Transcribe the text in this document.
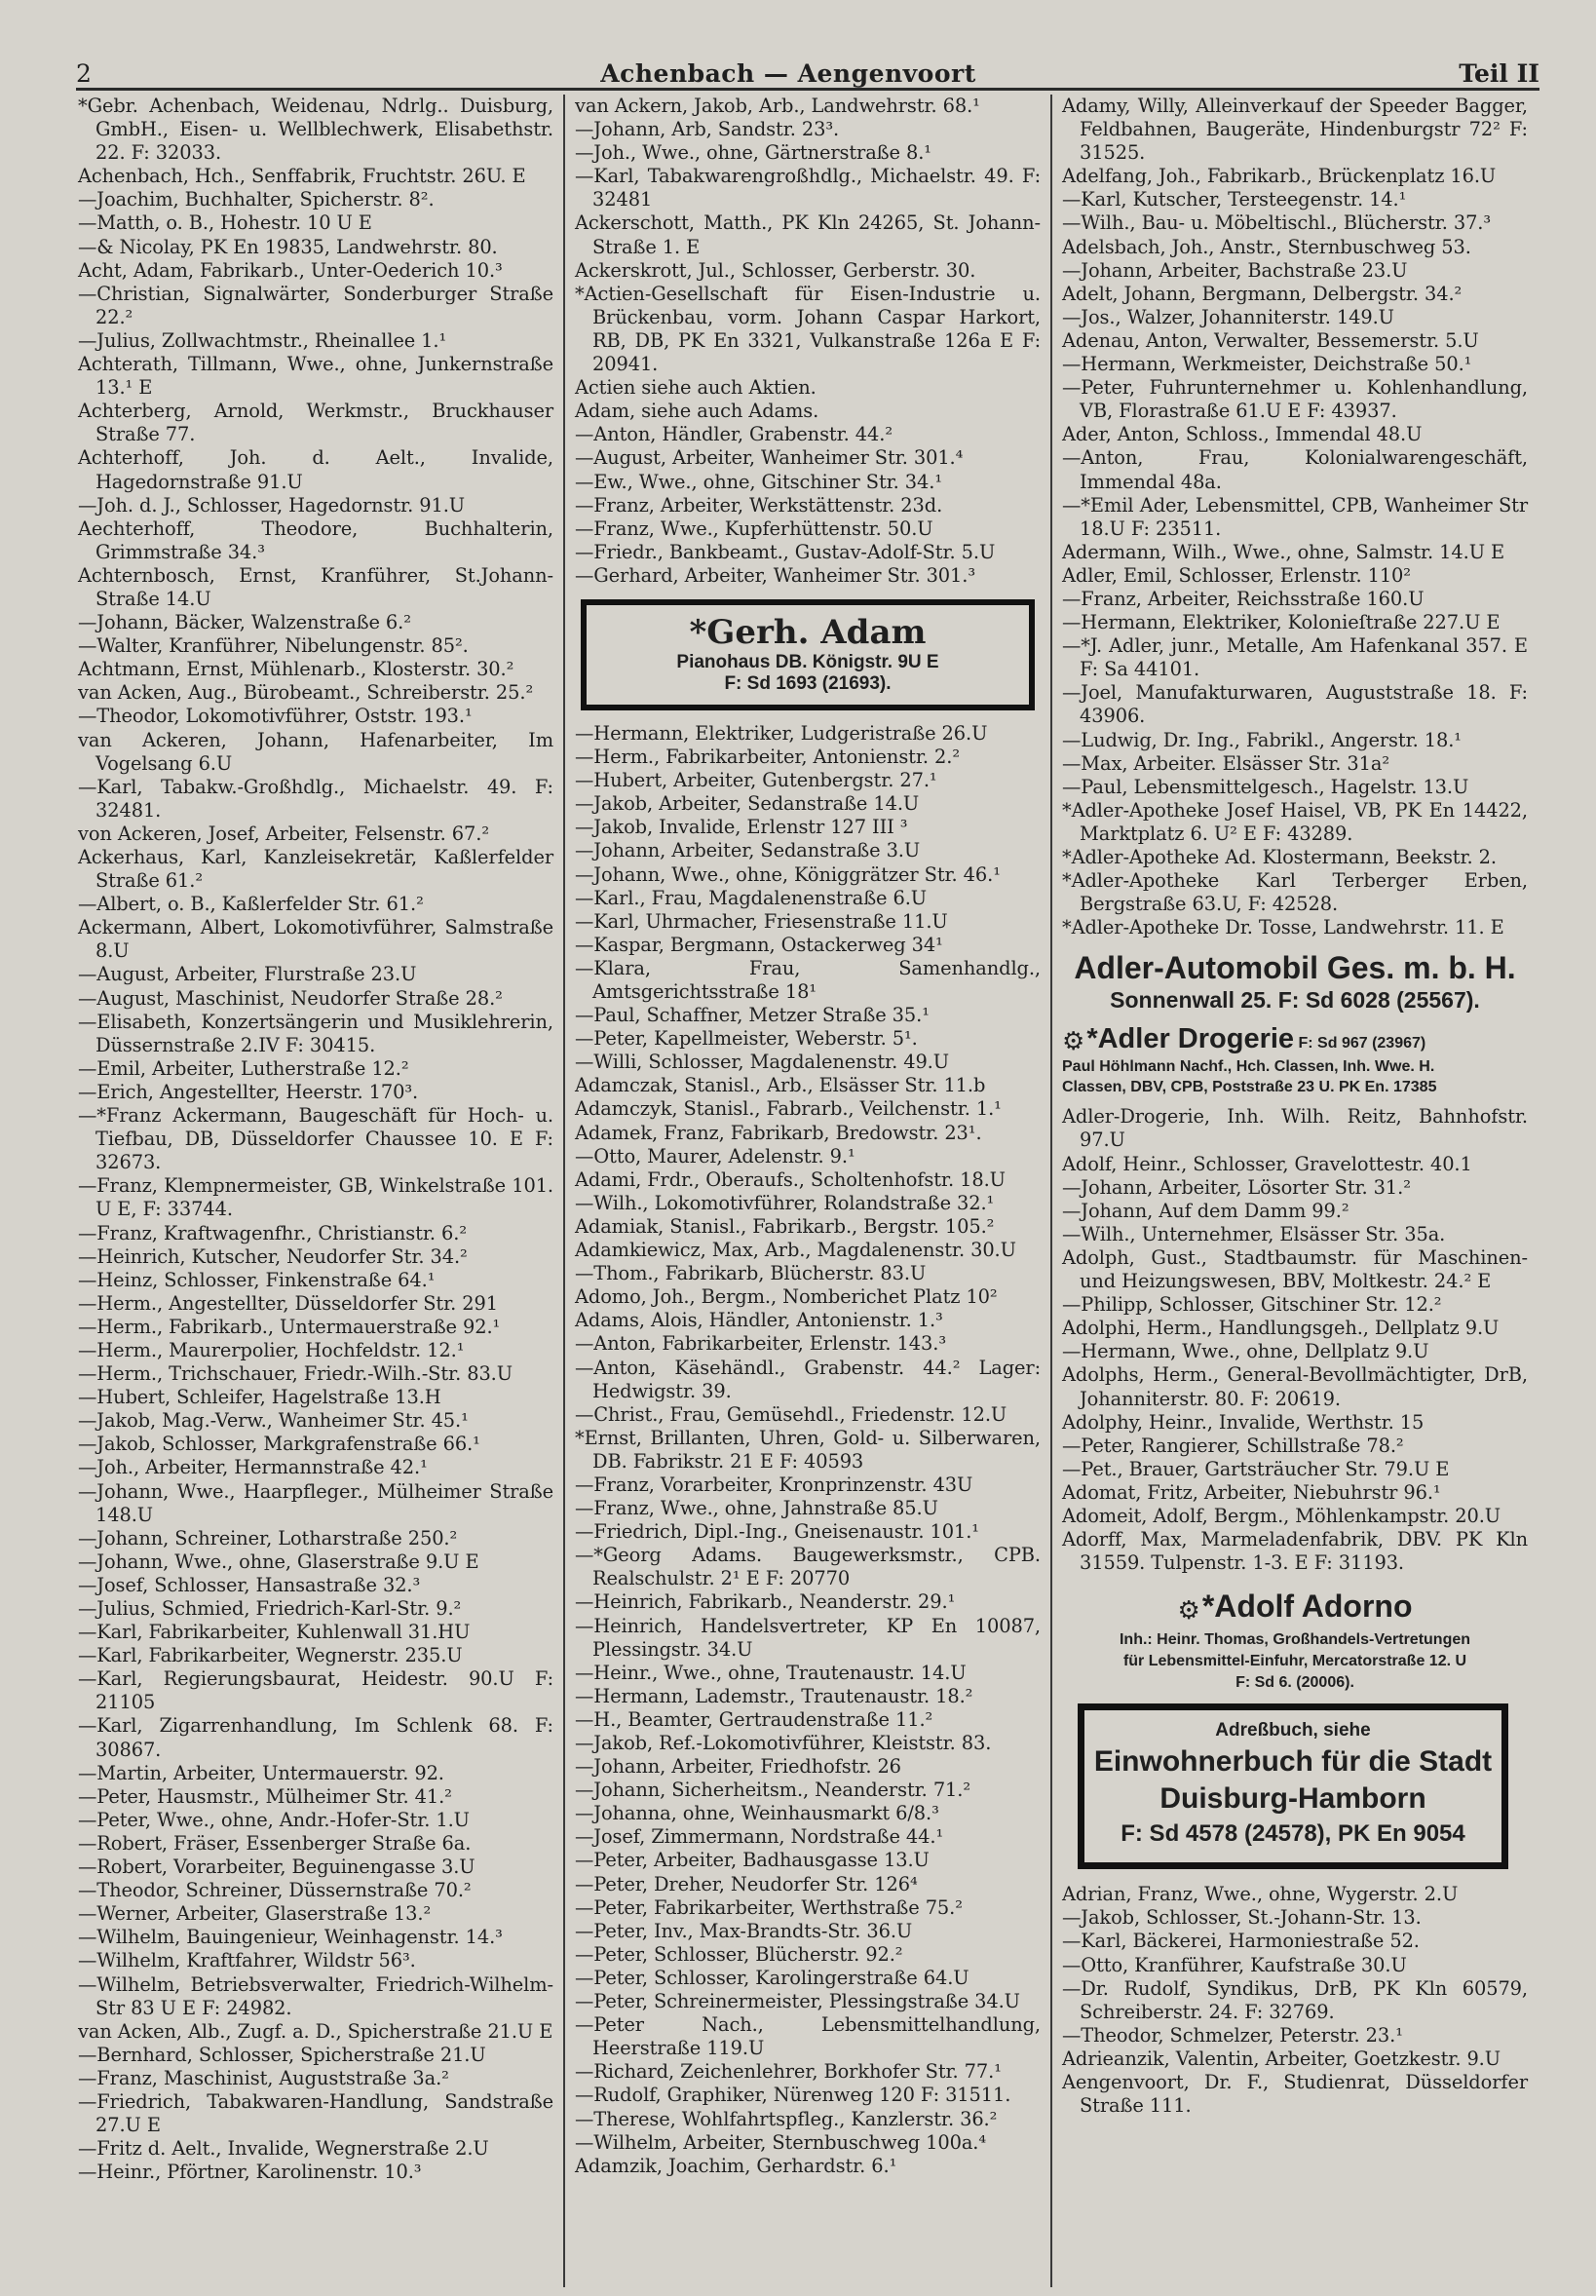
2	Achenbach — Aengenvoort	Teil II
*Gebr. Achenbach, Weidenau, Ndrlg.. Duisburg, GmbH., Eisen- u. Wellblechwerk, Elisabethstr. 22. F: 32033.
Achenbach, Hch., Senffabrik, Fruchtstr. 26U. E
—Joachim, Buchhalter, Spicherstr. 8².
—Matth, o. B., Hohestr. 10 U E
—& Nicolay, PK En 19835, Landwehrstr. 80.
Acht, Adam, Fabrikarb., Unter-Oederich 10.³
—Christian, Signalwärter, Sonderburger Straße 22.²
—Julius, Zollwachtmstr., Rheinallee 1.¹
Achterath, Tillmann, Wwe., ohne, Junkernstraße 13.¹ E
Achterberg, Arnold, Werkmstr., Bruckhauser Straße 77.
Achterhoff, Joh. d. Aelt., Invalide, Hagedornstraße 91.U
—Joh. d. J., Schlosser, Hagedornstr. 91.U
Aechterhoff, Theodore, Buchhalterin, Grimmstraße 34.³
Achternbosch, Ernst, Kranführer, St.Johann-Straße 14.U
—Johann, Bäcker, Walzenstraße 6.²
—Walter, Kranführer, Nibelungenstr. 85².
Achtmann, Ernst, Mühlenarb., Klosterstr. 30.²
van Acken, Aug., Bürobeamt., Schreiberstr. 25.²
—Theodor, Lokomotivführer, Oststr. 193.¹
van Ackeren, Johann, Hafenarbeiter, Im Vogelsang 6.U
—Karl, Tabakw.-Großhdlg., Michaelstr. 49. F: 32481.
von Ackeren, Josef, Arbeiter, Felsenstr. 67.²
Ackerhaus, Karl, Kanzleisekretär, Kaßlerfelder Straße 61.²
—Albert, o. B., Kaßlerfelder Str. 61.²
Ackermann, Albert, Lokomotivführer, Salmstraße 8.U
—August, Arbeiter, Flurstraße 23.U
—August, Maschinist, Neudorfer Straße 28.²
—Elisabeth, Konzertsängerin und Musiklehrerin, Düssernstraße 2.IV F: 30415.
—Emil, Arbeiter, Lutherstraße 12.²
—Erich, Angestellter, Heerstr. 170³.
—*Franz Ackermann, Baugeschäft für Hoch- u. Tiefbau, DB, Düsseldorfer Chaussee 10. E F: 32673.
—Franz, Klempnermeister, GB, Winkelstraße 101. U E, F: 33744.
—Franz, Kraftwagenfhr., Christianstr. 6.²
—Heinrich, Kutscher, Neudorfer Str. 34.²
—Heinz, Schlosser, Finkenstraße 64.¹
—Herm., Angestellter, Düsseldorfer Str. 291
—Herm., Fabrikarb., Untermauerstraße 92.¹
—Herm., Maurerpolier, Hochfeldstr. 12.¹
—Herm., Trichschauer, Friedr.-Wilh.-Str. 83.U
—Hubert, Schleifer, Hagelstraße 13.H
—Jakob, Mag.-Verw., Wanheimer Str. 45.¹
—Jakob, Schlosser, Markgrafenstraße 66.¹
—Joh., Arbeiter, Hermannstraße 42.¹
—Johann, Wwe., Haarpfleger., Mülheimer Straße 148.U
—Johann, Schreiner, Lotharstraße 250.²
—Johann, Wwe., ohne, Glaserstraße 9.U E
—Josef, Schlosser, Hansastraße 32.³
—Julius, Schmied, Friedrich-Karl-Str. 9.²
—Karl, Fabrikarbeiter, Kuhlenwall 31.HU
—Karl, Fabrikarbeiter, Wegnerstr. 235.U
—Karl, Regierungsbaurat, Heidestr. 90.U F: 21105
—Karl, Zigarrenhandlung, Im Schlenk 68. F: 30867.
—Martin, Arbeiter, Untermauerstr. 92.
—Peter, Hausmstr., Mülheimer Str. 41.²
—Peter, Wwe., ohne, Andr.-Hofer-Str. 1.U
—Robert, Fräser, Essenberger Straße 6a.
—Robert, Vorarbeiter, Beguinengasse 3.U
—Theodor, Schreiner, Düssernstraße 70.²
—Werner, Arbeiter, Glaserstraße 13.²
—Wilhelm, Bauingenieur, Weinhagenstr. 14.³
—Wilhelm, Kraftfahrer, Wildstr 56³.
—Wilhelm, Betriebsverwalter, Friedrich-Wilhelm-Str 83 U E F: 24982.
van Acken, Alb., Zugf. a. D., Spicherstraße 21.U E
—Bernhard, Schlosser, Spicherstraße 21.U
—Franz, Maschinist, Auguststraße 3a.²
—Friedrich, Tabakwaren-Handlung, Sandstraße 27.U E
—Fritz d. Aelt., Invalide, Wegnerstraße 2.U
—Heinr., Pförtner, Karolinenstr. 10.³
van Ackern, Jakob, Arb., Landwehrstr. 68.¹
—Johann, Arb, Sandstr. 23³.
—Joh., Wwe., ohne, Gärtnerstraße 8.¹
—Karl, Tabakwarengroßhdlg., Michaelstr. 49. F: 32481
Ackerschott, Matth., PK Kln 24265, St. Johann-Straße 1. E
Ackerskrott, Jul., Schlosser, Gerberstr. 30.
*Actien-Gesellschaft für Eisen-Industrie u. Brückenbau, vorm. Johann Caspar Harkort, RB, DB, PK En 3321, Vulkanstraße 126a E F: 20941.
Actien siehe auch Aktien.
Adam, siehe auch Adams.
—Anton, Händler, Grabenstr. 44.²
—August, Arbeiter, Wanheimer Str. 301.⁴
—Ew., Wwe., ohne, Gitschiner Str. 34.¹
—Franz, Arbeiter, Werkstättenstr. 23d.
—Franz, Wwe., Kupferhüttenstr. 50.U
—Friedr., Bankbeamt., Gustav-Adolf-Str. 5.U
—Gerhard, Arbeiter, Wanheimer Str. 301.³
*Gerh. Adam
Pianohaus DB. Königstr. 9U E
F: Sd 1693 (21693).
—Hermann, Elektriker, Ludgeristraße 26.U
—Herm., Fabrikarbeiter, Antonienstr. 2.²
—Hubert, Arbeiter, Gutenbergstr. 27.¹
—Jakob, Arbeiter, Sedanstraße 14.U
—Jakob, Invalide, Erlenstr 127 III ³
—Johann, Arbeiter, Sedanstraße 3.U
—Johann, Wwe., ohne, Königgrätzer Str. 46.¹
—Karl., Frau, Magdalenenstraße 6.U
—Karl, Uhrmacher, Friesenstraße 11.U
—Kaspar, Bergmann, Ostackerweg 34¹
—Klara, Frau, Samenhandlg., Amtsgerichtsstraße 18¹
—Paul, Schaffner, Metzer Straße 35.¹
—Peter, Kapellmeister, Weberstr. 5¹.
—Willi, Schlosser, Magdalenenstr. 49.U
Adamczak, Stanisl., Arb., Elsässer Str. 11.b
Adamczyk, Stanisl., Fabrarb., Veilchenstr. 1.¹
Adamek, Franz, Fabrikarb, Bredowstr. 23¹.
—Otto, Maurer, Adelenstr. 9.¹
Adami, Frdr., Oberaufs., Scholtenhofstr. 18.U
—Wilh., Lokomotivführer, Rolandstraße 32.¹
Adamiak, Stanisl., Fabrikarb., Bergstr. 105.²
Adamkiewicz, Max, Arb., Magdalenenstr. 30.U
—Thom., Fabrikarb, Blücherstr. 83.U
Adomo, Joh., Bergm., Nomberichet Platz 10²
Adams, Alois, Händler, Antonienstr. 1.³
—Anton, Fabrikarbeiter, Erlenstr. 143.³
—Anton, Käsehändl., Grabenstr. 44.² Lager: Hedwigstr. 39.
—Christ., Frau, Gemüsehdl., Friedenstr. 12.U
*Ernst, Brillanten, Uhren, Gold- u. Silberwaren, DB. Fabrikstr. 21 E F: 40593
—Franz, Vorarbeiter, Kronprinzenstr. 43U
—Franz, Wwe., ohne, Jahnstraße 85.U
—Friedrich, Dipl.-Ing., Gneisenaustr. 101.¹
—*Georg Adams. Baugewerksmstr., CPB. Realschulstr. 2¹ E F: 20770
—Heinrich, Fabrikarb., Neanderstr. 29.¹
—Heinrich, Handelsvertreter, KP En 10087, Plessingstr. 34.U
—Heinr., Wwe., ohne, Trautenaustr. 14.U
—Hermann, Lademstr., Trautenaustr. 18.²
—H., Beamter, Gertraudenstraße 11.²
—Jakob, Ref.-Lokomotivführer, Kleiststr. 83.
—Johann, Arbeiter, Friedhofstr. 26
—Johann, Sicherheitsm., Neanderstr. 71.²
—Johanna, ohne, Weinhausmarkt 6/8.³
—Josef, Zimmermann, Nordstraße 44.¹
—Peter, Arbeiter, Badhausgasse 13.U
—Peter, Dreher, Neudorfer Str. 126⁴
—Peter, Fabrikarbeiter, Werthstraße 75.²
—Peter, Inv., Max-Brandts-Str. 36.U
—Peter, Schlosser, Blücherstr. 92.²
—Peter, Schlosser, Karolingerstraße 64.U
—Peter, Schreinermeister, Plessingstraße 34.U
—Peter Nach., Lebensmittelhandlung, Heerstraße 119.U
—Richard, Zeichenlehrer, Borkhofer Str. 77.¹
—Rudolf, Graphiker, Nürenweg 120 F: 31511.
—Therese, Wohlfahrtspfleg., Kanzlerstr. 36.²
—Wilhelm, Arbeiter, Sternbuschweg 100a.⁴
Adamzik, Joachim, Gerhardstr. 6.¹
Adamy, Willy, Alleinverkauf der Speeder Bagger, Feldbahnen, Baugeräte, Hindenburgstr 72² F: 31525.
Adelfang, Joh., Fabrikarb., Brückenplatz 16.U
—Karl, Kutscher, Tersteegenstr. 14.¹
—Wilh., Bau- u. Möbeltischl., Blücherstr. 37.³
Adelsbach, Joh., Anstr., Sternbuschweg 53.
—Johann, Arbeiter, Bachstraße 23.U
Adelt, Johann, Bergmann, Delbergstr. 34.²
—Jos., Walzer, Johanniterstr. 149.U
Adenau, Anton, Verwalter, Bessemerstr. 5.U
—Hermann, Werkmeister, Deichstraße 50.¹
—Peter, Fuhrunternehmer u. Kohlenhandlung, VB, Florastraße 61.U E F: 43937.
Ader, Anton, Schloss., Immendal 48.U
—Anton, Frau, Kolonialwarengeschäft, Immendal 48a.
—*Emil Ader, Lebensmittel, CPB, Wanheimer Str 18.U F: 23511.
Adermann, Wilh., Wwe., ohne, Salmstr. 14.U E
Adler, Emil, Schlosser, Erlenstr. 110²
—Franz, Arbeiter, Reichsstraße 160.U
—Hermann, Elektriker, Kolonieſtraße 227.U E
—*J. Adler, junr., Metalle, Am Hafenkanal 357. E F: Sa 44101.
—Joel, Manufakturwaren, Auguststraße 18. F: 43906.
—Ludwig, Dr. Ing., Fabrikl., Angerstr. 18.¹
—Max, Arbeiter. Elsässer Str. 31a²
—Paul, Lebensmittelgesch., Hagelstr. 13.U
*Adler-Apotheke Josef Haisel, VB, PK En 14422, Marktplatz 6. U² E F: 43289.
*Adler-Apotheke Ad. Klostermann, Beekstr. 2.
*Adler-Apotheke Karl Terberger Erben, Bergstraße 63.U, F: 42528.
*Adler-Apotheke Dr. Tosse, Landwehrstr. 11. E
Adler-Automobil Ges. m. b. H.
Sonnenwall 25. F: Sd 6028 (25567).
⚙*Adler Drogerie F: Sd 967 (23967)
Paul Höhlmann Nachf., Hch. Classen, Inh. Wwe. H.
Classen, DBV, CPB, Poststraße 23 U. PK En. 17385
Adler-Drogerie, Inh. Wilh. Reitz, Bahnhofstr. 97.U
Adolf, Heinr., Schlosser, Gravelottestr. 40.1
—Johann, Arbeiter, Lösorter Str. 31.²
—Johann, Auf dem Damm 99.²
—Wilh., Unternehmer, Elsässer Str. 35a.
Adolph, Gust., Stadtbaumstr. für Maschinen- und Heizungswesen, BBV, Moltkestr. 24.² E
—Philipp, Schlosser, Gitschiner Str. 12.²
Adolphi, Herm., Handlungsgeh., Dellplatz 9.U
—Hermann, Wwe., ohne, Dellplatz 9.U
Adolphs, Herm., General-Bevollmächtigter, DrB, Johanniterstr. 80. F: 20619.
Adolphy, Heinr., Invalide, Werthstr. 15
—Peter, Rangierer, Schillstraße 78.²
—Pet., Brauer, Gartsträucher Str. 79.U E
Adomat, Fritz, Arbeiter, Niebuhrstr 96.¹
Adomeit, Adolf, Bergm., Möhlenkampstr. 20.U
Adorff, Max, Marmeladenfabrik, DBV. PK Kln 31559. Tulpenstr. 1-3. E F: 31193.
⚙*Adolf Adorno
Inh.: Heinr. Thomas, Großhandels-Vertretungen
für Lebensmittel-Einfuhr, Mercatorstraße 12. U
F: Sd 6. (20006).
Adreßbuch, siehe
Einwohnerbuch für die Stadt
Duisburg-Hamborn
F: Sd 4578 (24578), PK En 9054
Adrian, Franz, Wwe., ohne, Wygerstr. 2.U
—Jakob, Schlosser, St.-Johann-Str. 13.
—Karl, Bäckerei, Harmoniestraße 52.
—Otto, Kranführer, Kaufstraße 30.U
—Dr. Rudolf, Syndikus, DrB, PK Kln 60579, Schreiberstr. 24. F: 32769.
—Theodor, Schmelzer, Peterstr. 23.¹
Adrieanzik, Valentin, Arbeiter, Goetzkestr. 9.U
Aengenvoort, Dr. F., Studienrat, Düsseldorfer Straße 111.
